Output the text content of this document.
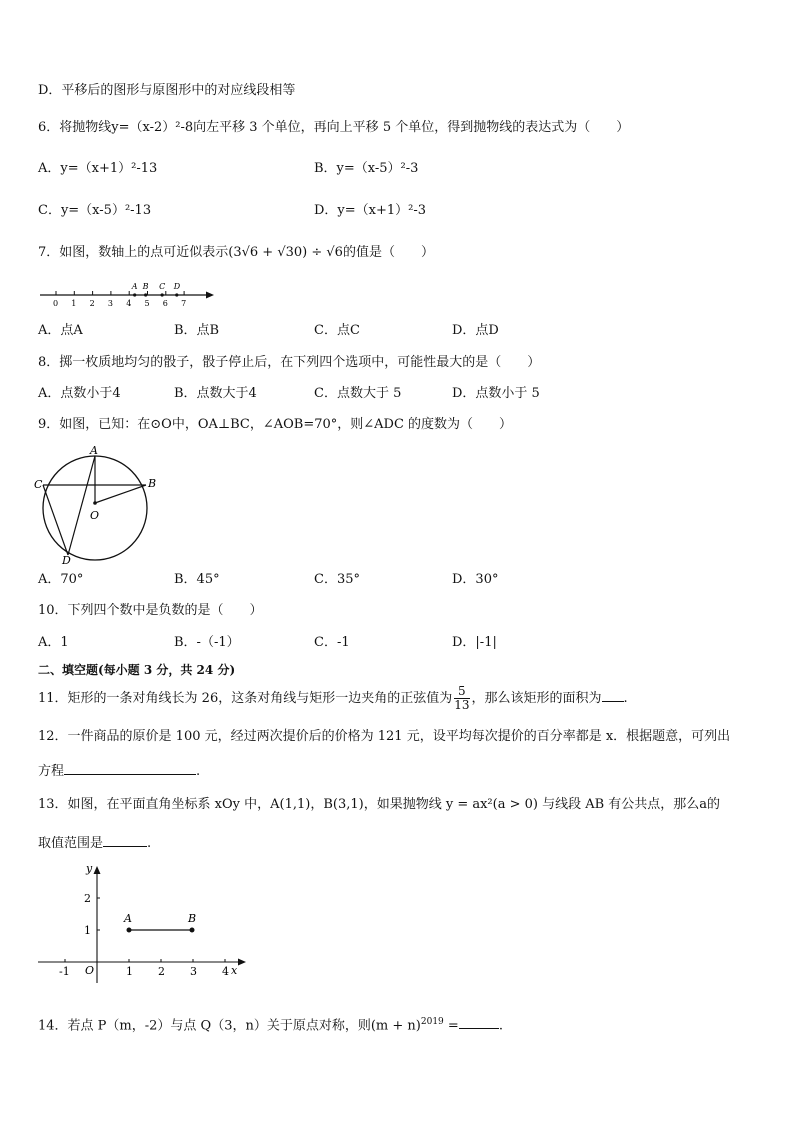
D．平移后的图形与原图形中的对应线段相等
6．将抛物线y=（x-2）²-8向左平移 3 个单位，再向上平移 5 个单位，得到抛物线的表达式为（　　）
A．y=（x+1）²-13	B．y=（x-5）²-3
C．y=（x-5）²-13	D．y=（x+1）²-3
7．如图，数轴上的点可近似表示(3√6 + √30) ÷ √6的值是（　　）
0 1 2 3 4 5 6 7
A B C D
A．点A	B．点B	C．点C	D．点D
8．掷一枚质地均匀的骰子，骰子停止后，在下列四个选项中，可能性最大的是（　　）
A．点数小于4	B．点数大于4	C．点数大于 5	D．点数小于 5
9．如图，已知：在⊙O中，OA⊥BC，∠AOB=70°，则∠ADC 的度数为（　　）
A
B
C
D
O
A．70°	B．45°	C．35°	D．30°
10．下列四个数中是负数的是（　　）
A．1	B．-（-1）	C．-1	D．|-1|
二、填空题(每小题 3 分，共 24 分)
11．矩形的一条对角线长为 26，这条对角线与矩形一边夹角的正弦值为 $\frac{5}{13}$ ，那么该矩形的面积为 .
12．一件商品的原价是 100 元，经过两次提价后的价格为 121 元，设平均每次提价的百分率都是 x．根据题意，可列出
方程	.
13．如图，在平面直角坐标系 xOy 中，A(1,1)，B(3,1)，如果抛物线 y = ax²(a > 0) 与线段 AB 有公共点，那么a的
取值范围是	.
-1	1 2 3 4
1
2
A	B
O	x
y
14．若点 P（m，-2）与点 Q（3，n）关于原点对称，则$(m + n)^{2019}$ =	.
